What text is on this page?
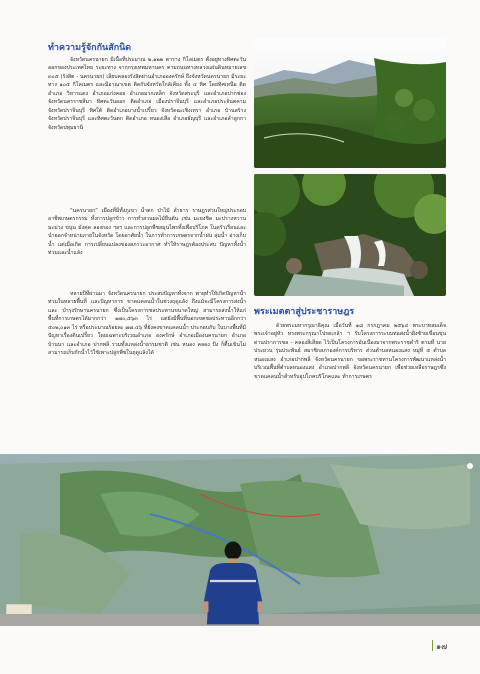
ทำความรู้จักกันสักนิด
จังหวัดนครนายก มีเนื้อที่ประมาณ ๒,๑๒๒ ตาราง กิโลเมตร ตั้งอยู่ทางทิศตะวันออกของประเทศไทย ระยะทาง จากกรุงเทพมหานคร ตามถนนทางหลวงแผ่นดินหมายเลข ๓๐๕ (รังสิต - นครนายก) เลียบคลองรังสิตผ่านอำเภอองครักษ์ ถึงจังหวัดนครนายก มีระยะทาง ๑๐๕ กิโลเมตร และมีอาณาเขต ติดกับจังหวัดใกล้เคียง ทั้ง ๔ ทิศ โดยทิศเหนือ ติดอำเภอ วิหารแดง อำเภอแก่งคอย อำเภอมวกเหล็ก จังหวัดสระบุรี และอำเภอปากช่อง จังหวัดนครราชสีมา ทิศตะวันออก ติดอำเภอ เมืองปราจีนบุรี และอำเภอประจันตคาม จังหวัดปราจีนบุรี ทิศใต้ ติดอำเภอบางน้ำเปรี้ยว จังหวัดฉะเชิงเทรา อำเภอ บ้านสร้าง จังหวัดปราจีนบุรี และทิศตะวันตก ติดอำเภอ หนองเสือ อำเภอธัญบุรี และอำเภอลำลูกกา จังหวัดปทุมธานี
“นครนายก” เมืองที่มีทั้งภูเขา น้ำตก ป่าไม้ ลำธาร ราษฎรส่วนใหญ่ประกอบอาชีพเกษตรกรรม ทั้งการปลูกข้าว การทำสวนผลไม้ยืนต้น เช่น มะยงชิด มะปรางหวาน มะม่วง ขนุน มังคุด ลองกอง ฯลฯ และการปลูกพืชสมุนไพรทั้งเพื่อบริโภค ในครัวเรือนและนำออกจำหน่ายภายในจังหวัด โดยอาศัยน้ำ ในการทำการเกษตรจากน้ำฝน ลุ่มน้ำ อ่างเก็บน้ำ แต่เมื่อเกิด การเปลี่ยนแปลงของสภาวะอากาศ ทำให้ราษฎรต้องประสบ ปัญหาทั้งน้ำท่วมและน้ำแล้ง
หลายปีที่ผ่านมา จังหวัดนครนายก ประสบปัญหาทั้งจาก พายุทำให้เกิดปัญหาน้ำท่วมในหลายพื้นที่ และปัญหาการ ขาดแคลนน้ำในช่วงฤดูแล้ง ถึงแม้จะมีโครงการส่งน้ำและ บำรุงรักษานครนายก ซึ่งเป็นโครงการชลประทานขนาดใหญ่ สามารถส่งน้ำให้แก่พื้นที่การเกษตรได้มากกว่า ๑๗๐,๕๖๓ ไร่ แต่ยังมีพื้นที่นอกเขตชลประทานอีกกว่า ๕๐๒,๐๑๓ ไร่ หรือประมาณร้อยละ ๗๗.๔๖ ที่ยังคงขาดแคลนน้ำ ประกอบกับ ในบางพื้นที่มีปัญหาเรื่องดินเปรี้ยว โดยเฉพาะบริเวณอำเภอ องครักษ์ อำเภอเมืองนครนายก อำเภอบ้านนา และอำเภอ ปากพลี รวมทั้งแหล่งน้ำธรรมชาติ เช่น หนอง คลอง บึง ก็ตื้นเขินไม่สามารถเก็บกักน้ำไว้ใช้เพาะปลูกพืชในฤดูแล้งได้
พระเมตตาสู่ประชาราษฎร
ด้วยพระมหากรุณาธิคุณ เมื่อวันที่ ๑๘ กรกฎาคม ๒๕๖๔ พระบาทสมเด็จพระเจ้าอยู่หัว ทรงพระกรุณาโปรดเกล้า ฯ รับโครงการระบบท่อส่งน้ำฝั่งซ้ายเขื่อนขุนด่านปราการชล - คลองสีเสียด ไว้เป็นโครงการอันเนื่องมาจากพระราชดำริ ตามที่ นายประยวน รุ่นประพันธ์ สมาชิกสภาองค์การบริหาร ส่วนตำบลหนองแสง หมู่ที่ ๕ ตำบลหนองแสง อำเภอปากพลี จังหวัดนครนายก ขอพระราชทานโครงการพัฒนาแหล่งน้ำ บริเวณพื้นที่ตำบลหนองแสง อำเภอปากพลี จังหวัดนครนายก เพื่อช่วยเหลือราษฎรซึ่งขาดแคลนน้ำสำหรับอุปโภคบริโภคและ ทำการเกษตร
๑๗
